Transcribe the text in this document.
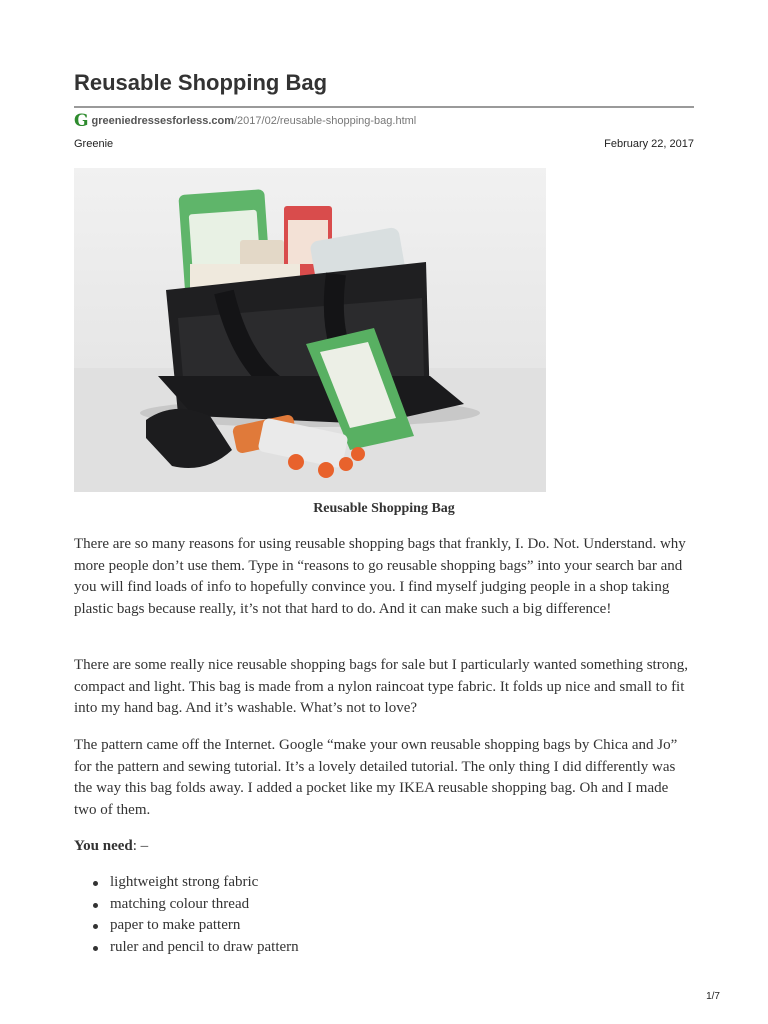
Reusable Shopping Bag
G greeniedressesforless.com /2017/02/reusable-shopping-bag.html
Greenie	February 22, 2017

Reusable Shopping Bag

There are so many reasons for using reusable shopping bags that frankly, I. Do. Not. Understand. why more people don’t use them. Type in “reasons to go reusable shopping bags” into your search bar and you will find loads of info to hopefully convince you. I find myself judging people in a shop taking plastic bags because really, it’s not that hard to do. And it can make such a big difference!

There are some really nice reusable shopping bags for sale but I particularly wanted something strong, compact and light. This bag is made from a nylon raincoat type fabric. It folds up nice and small to fit into my hand bag. And it’s washable. What’s not to love?

The pattern came off the Internet. Google “make your own reusable shopping bags by Chica and Jo” for the pattern and sewing tutorial. It’s a lovely detailed tutorial. The only thing I did differently was the way this bag folds away. I added a pocket like my IKEA reusable shopping bag. Oh and I made two of them.

You need: –

lightweight strong fabric
matching colour thread
paper to make pattern
ruler and pencil to draw pattern
1/7
